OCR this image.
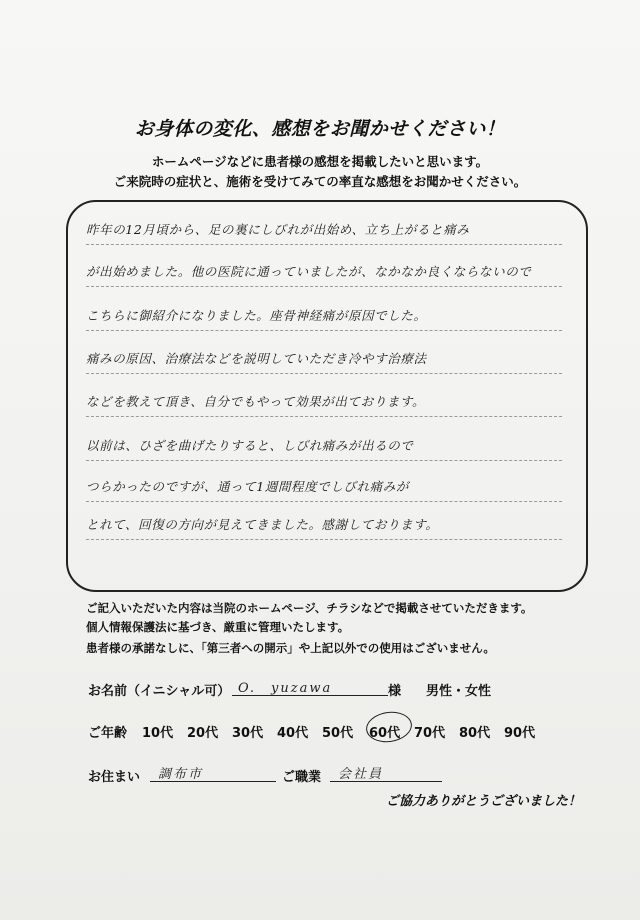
お身体の変化、感想をお聞かせください！
ホームページなどに患者様の感想を掲載したいと思います。
ご来院時の症状と、施術を受けてみての率直な感想をお聞かせください。
昨年の12月頃から、足の裏にしびれが出始め、立ち上がると痛み
が出始めました。他の医院に通っていましたが、なかなか良くならないので
こちらに御紹介になりました。座骨神経痛が原因でした。
痛みの原因、治療法などを説明していただき冷やす治療法
などを教えて頂き、自分でもやって効果が出ております。
以前は、ひざを曲げたりすると、しびれ痛みが出るので
つらかったのですが、通って1週間程度でしびれ痛みが
とれて、回復の方向が見えてきました。感謝しております。
ご記入いただいた内容は当院のホームページ、チラシなどで掲載させていただきます。
個人情報保護法に基づき、厳重に管理いたします。
患者様の承諾なしに、「第三者への開示」や上記以外での使用はございません。
お名前（イニシャル可） O.　yuzawa	様 男性・女性
ご年齢 10代 20代 30代 40代 50代 60代 70代 80代 90代
お住まい	調布市	ご職業	会社員
ご協力ありがとうございました！
